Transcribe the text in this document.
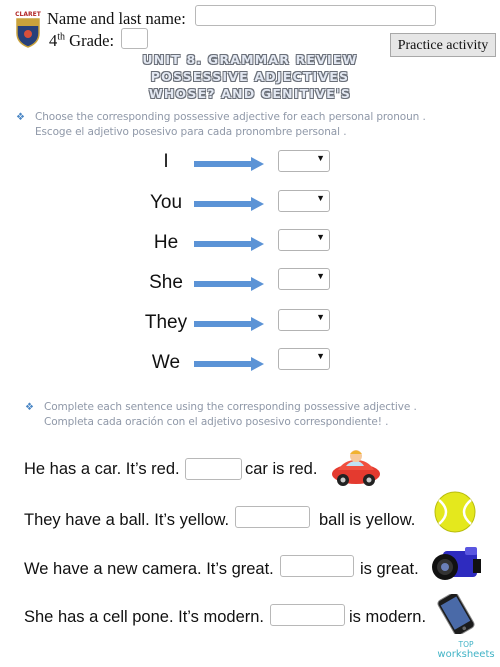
CLARET Name and last name:
4th Grade:	Practice activity
UNIT 8. GRAMMAR REVIEW
POSSESSIVE ADJECTIVES
WHOSE? AND GENITIVE'S
❖ Choose the corresponding possessive adjective for each personal pronoun .
Escoge el adjetivo posesivo para cada pronombre personal .
I	▼
You	▼
He	▼
She	▼
They	▼
We	▼
❖ Complete each sentence using the corresponding possessive adjective .
Completa cada oración con el adjetivo posesivo correspondiente! .
He has a car. It’s red.	car is red.
They have a ball. It’s yellow.	ball is yellow.
We have a new camera. It’s great.	is great.
She has a cell pone. It’s modern.	is modern.
TOP
worksheets
